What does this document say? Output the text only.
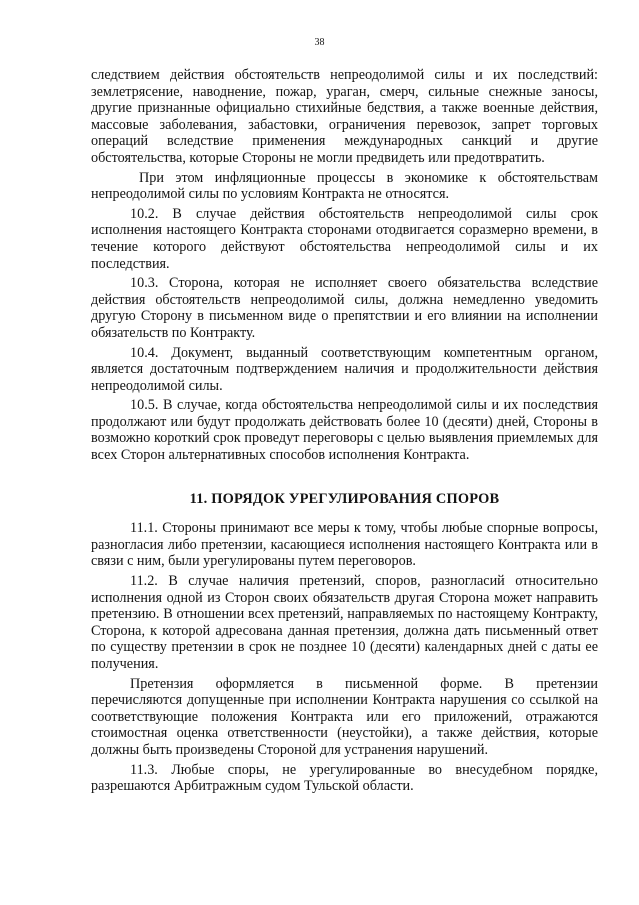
38

следствием действия обстоятельств непреодолимой силы и их последствий: землетрясение, наводнение, пожар, ураган, смерч, сильные снежные заносы, другие признанные официально стихийные бедствия, а также военные действия, массовые заболевания, забастовки, ограничения перевозок, запрет торговых операций вследствие применения международных санкций и другие обстоятельства, которые Стороны не могли предвидеть или предотвратить.

При этом инфляционные процессы в экономике к обстоятельствам непреодолимой силы по условиям Контракта не относятся.

10.2. В случае действия обстоятельств непреодолимой силы срок исполнения настоящего Контракта сторонами отодвигается соразмерно времени, в течение которого действуют обстоятельства непреодолимой силы и их последствия.

10.3. Сторона, которая не исполняет своего обязательства вследствие действия обстоятельств непреодолимой силы, должна немедленно уведомить другую Сторону в письменном виде о препятствии и его влиянии на исполнении обязательств по Контракту.

10.4. Документ, выданный соответствующим компетентным органом, является достаточным подтверждением наличия и продолжительности действия непреодолимой силы.

10.5. В случае, когда обстоятельства непреодолимой силы и их последствия продолжают или будут продолжать действовать более 10 (десяти) дней, Стороны в возможно короткий срок проведут переговоры с целью выявления приемлемых для всех Сторон альтернативных способов исполнения Контракта.

11. ПОРЯДОК УРЕГУЛИРОВАНИЯ СПОРОВ

11.1. Стороны принимают все меры к тому, чтобы любые спорные вопросы, разногласия либо претензии, касающиеся исполнения настоящего Контракта или в связи с ним, были урегулированы путем переговоров.

11.2. В случае наличия претензий, споров, разногласий относительно исполнения одной из Сторон своих обязательств другая Сторона может направить претензию. В отношении всех претензий, направляемых по настоящему Контракту, Сторона, к которой адресована данная претензия, должна дать письменный ответ по существу претензии в срок не позднее 10 (десяти) календарных дней с даты ее получения.

Претензия оформляется в письменной форме. В претензии

перечисляются допущенные при исполнении Контракта нарушения со ссылкой на соответствующие положения Контракта или его приложений, отражаются стоимостная оценка ответственности (неустойки), а также действия, которые должны быть произведены Стороной для устранения нарушений.

11.3. Любые споры, не урегулированные во внесудебном порядке, разрешаются Арбитражным судом Тульской области.
